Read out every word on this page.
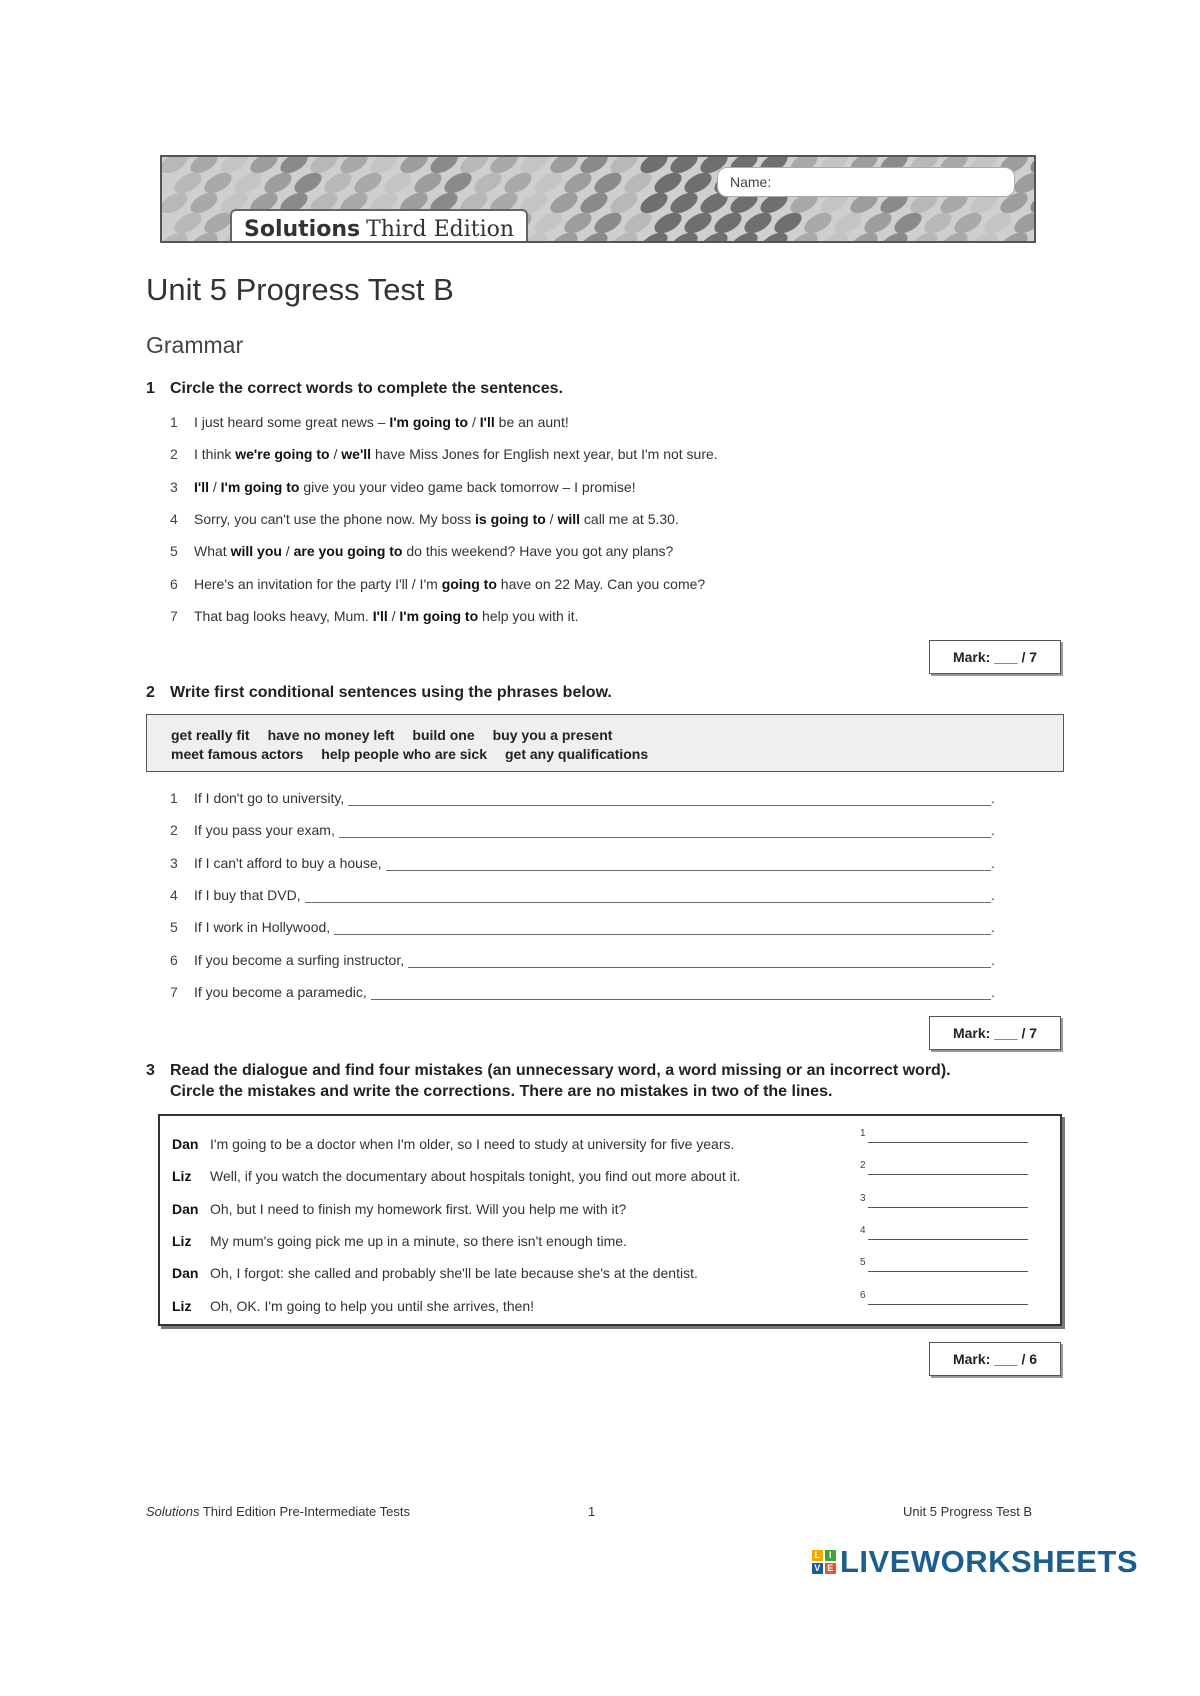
Solutions Third Edition
Name:
Unit 5 Progress Test B
Grammar
1 Circle the correct words to complete the sentences.
1 I just heard some great news – I'm going to / I'll be an aunt!
2 I think we're going to / we'll have Miss Jones for English next year, but I'm not sure.
3 I'll / I'm going to give you your video game back tomorrow – I promise!
4 Sorry, you can't use the phone now. My boss is going to / will call me at 5.30.
5 What will you / are you going to do this weekend? Have you got any plans?
6 Here's an invitation for the party I'll / I'm going to have on 22 May. Can you come?
7 That bag looks heavy, Mum. I'll / I'm going to help you with it.
Mark: ___ / 7
2 Write first conditional sentences using the phrases below.
get really fit have no money left build one buy you a present
meet famous actors help people who are sick get any qualifications
1	If I don't go to university,	.
2	If you pass your exam,	.
3	If I can't afford to buy a house,	.
4	If I buy that DVD,	.
5	If I work in Hollywood,	.
6	If you become a surfing instructor,	.
7	If you become a paramedic,	.
Mark: ___ / 7
3 Read the dialogue and find four mistakes (an unnecessary word, a word missing or an incorrect word).
Circle the mistakes and write the corrections. There are no mistakes in two of the lines.
Dan I'm going to be a doctor when I'm older, so I need to study at university for five years.
1
Liz Well, if you watch the documentary about hospitals tonight, you find out more about it.
2
Dan Oh, but I need to finish my homework first. Will you help me with it?
3
Liz My mum's going pick me up in a minute, so there isn't enough time.
4
Dan Oh, I forgot: she called and probably she'll be late because she's at the dentist.
5
Liz Oh, OK. I'm going to help you until she arrives, then!
6
Mark: ___ / 6
Solutions Third Edition Pre-Intermediate Tests	1	Unit 5 Progress Test B
L I
V E LIVEWORKSHEETS
